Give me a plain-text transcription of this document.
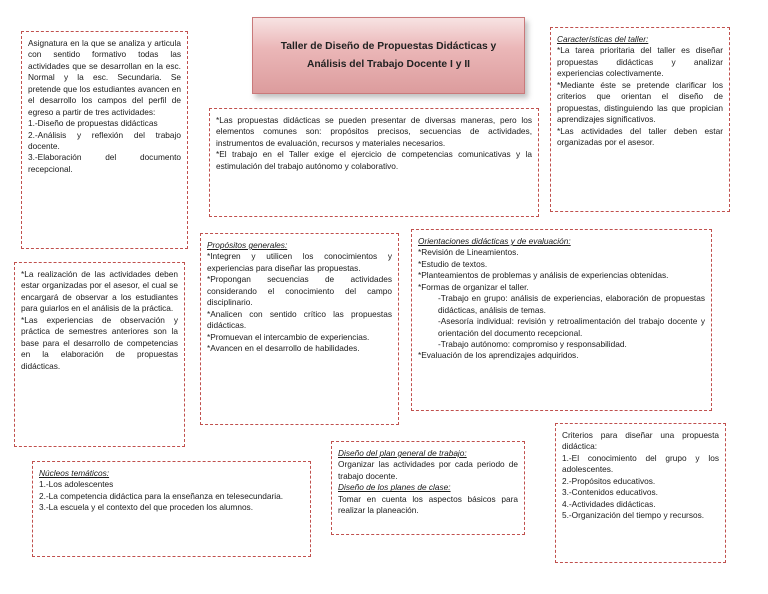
Taller de Diseño de Propuestas Didácticas y Análisis del Trabajo Docente I y II

Asignatura en la que se analiza y articula con sentido formativo todas las actividades que se desarrollan en la esc. Normal y la esc. Secundaria. Se pretende que los estudiantes avancen en el desarrollo los campos del perfil de egreso a partir de tres actividades:

1.-Diseño de propuestas didácticas

2.-Análisis y reflexión del trabajo docente.

3.-Elaboración del documento recepcional.

Características del taller:

*La tarea prioritaria del taller es diseñar propuestas didácticas y analizar experiencias colectivamente.

*Mediante éste se pretende clarificar los criterios que orientan el diseño de propuestas, distinguiendo las que propician aprendizajes significativos.

*Las actividades del taller deben estar organizadas por el asesor.

*Las propuestas didácticas se pueden presentar de diversas maneras, pero los elementos comunes son: propósitos precisos, secuencias de actividades, instrumentos de evaluación, recursos y materiales necesarios.

*El trabajo en el Taller exige el ejercicio de competencias comunicativas y la estimulación del trabajo autónomo y colaborativo.

*La realización de las actividades deben estar organizadas por el asesor, el cual se encargará de observar a los estudiantes para guiarlos en el análisis de la práctica.

*Las experiencias de observación y práctica de semestres anteriores son la base para el desarrollo de competencias en la elaboración de propuestas didácticas.

Propósitos generales:

*Integren y utilicen los conocimientos y experiencias para diseñar las propuestas.

*Propongan secuencias de actividades considerando el conocimiento del campo disciplinario.

*Analicen con sentido crítico las propuestas didácticas.

*Promuevan el intercambio de experiencias.

*Avancen en el desarrollo de habilidades.

Orientaciones didácticas y de evaluación:

*Revisión de Lineamientos.

*Estudio de textos.

*Planteamientos de problemas y análisis de experiencias obtenidas.

*Formas de organizar el taller.

-Trabajo en grupo: análisis de experiencias, elaboración de propuestas didácticas, análisis de temas.

-Asesoría individual: revisión y retroalimentación del trabajo docente y orientación del documento recepcional.

-Trabajo autónomo: compromiso y responsabilidad.

*Evaluación de los aprendizajes adquiridos.

Núcleos temáticos:

1.-Los adolescentes

2.-La competencia didáctica para la enseñanza en telesecundaria.

3.-La escuela y el contexto del que proceden los alumnos.

Diseño del plan general de trabajo:

Organizar las actividades por cada periodo de trabajo docente.

Diseño de los planes de clase:

Tomar en cuenta los aspectos básicos para realizar la planeación.

Criterios para diseñar una propuesta didáctica:

1.-El conocimiento del grupo y los adolescentes.

2.-Propósitos educativos.

3.-Contenidos educativos.

4.-Actividades didácticas.

5.-Organización del tiempo y recursos.
